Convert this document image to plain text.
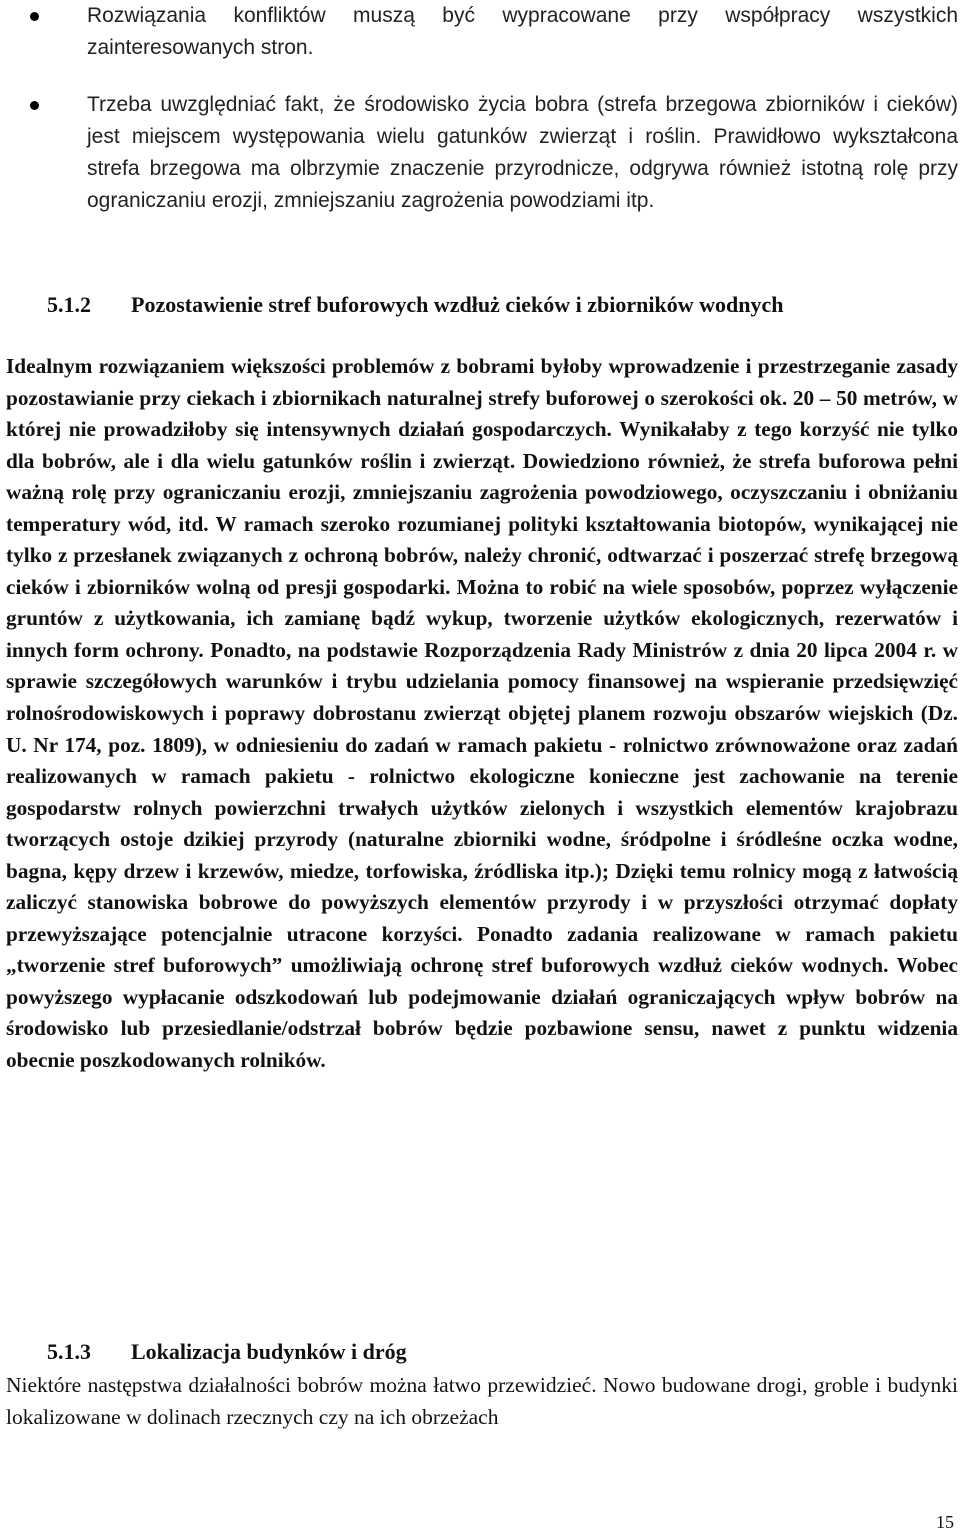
Rozwiązania konfliktów muszą być wypracowane przy współpracy wszystkich zainteresowanych stron.
Trzeba uwzględniać fakt, że środowisko życia bobra (strefa brzegowa zbiorników i cieków) jest miejscem występowania wielu gatunków zwierząt i roślin. Prawidłowo wykształcona strefa brzegowa ma olbrzymie znaczenie przyrodnicze, odgrywa również istotną rolę przy ograniczaniu erozji, zmniejszaniu zagrożenia powodziami itp.
5.1.2 Pozostawienie stref buforowych wzdłuż cieków i zbiorników wodnych

Idealnym rozwiązaniem większości problemów z bobrami byłoby wprowadzenie i przestrzeganie zasady pozostawianie przy ciekach i zbiornikach naturalnej strefy buforowej o szerokości ok. 20 – 50 metrów, w której nie prowadziłoby się intensywnych działań gospodarczych. Wynikałaby z tego korzyść nie tylko dla bobrów, ale i dla wielu gatunków roślin i zwierząt. Dowiedziono również, że strefa buforowa pełni ważną rolę przy ograniczaniu erozji, zmniejszaniu zagrożenia powodziowego, oczyszczaniu i obniżaniu temperatury wód, itd. W ramach szeroko rozumianej polityki kształtowania biotopów, wynikającej nie tylko z przesłanek związanych z ochroną bobrów, należy chronić, odtwarzać i poszerzać strefę brzegową cieków i zbiorników wolną od presji gospodarki. Można to robić na wiele sposobów, poprzez wyłączenie gruntów z użytkowania, ich zamianę bądź wykup, tworzenie użytków ekologicznych, rezerwatów i innych form ochrony. Ponadto, na podstawie Rozporządzenia Rady Ministrów z dnia 20 lipca 2004 r. w sprawie szczegółowych warunków i trybu udzielania pomocy finansowej na wspieranie przedsięwzięć rolnośrodowiskowych i poprawy dobrostanu zwierząt objętej planem rozwoju obszarów wiejskich (Dz. U. Nr 174, poz. 1809), w odniesieniu do zadań w ramach pakietu - rolnictwo zrównoważone oraz zadań realizowanych w ramach pakietu - rolnictwo ekologiczne konieczne jest zachowanie na terenie gospodarstw rolnych powierzchni trwałych użytków zielonych i wszystkich elementów krajobrazu tworzących ostoje dzikiej przyrody (naturalne zbiorniki wodne, śródpolne i śródleśne oczka wodne, bagna, kępy drzew i krzewów, miedze, torfowiska, źródliska itp.); Dzięki temu rolnicy mogą z łatwością zaliczyć stanowiska bobrowe do powyższych elementów przyrody i w przyszłości otrzymać dopłaty przewyższające potencjalnie utracone korzyści. Ponadto zadania realizowane w ramach pakietu „tworzenie stref buforowych” umożliwiają ochronę stref buforowych wzdłuż cieków wodnych. Wobec powyższego wypłacanie odszkodowań lub podejmowanie działań ograniczających wpływ bobrów na środowisko lub przesiedlanie/odstrzał bobrów będzie pozbawione sensu, nawet z punktu widzenia obecnie poszkodowanych rolników.

5.1.3 Lokalizacja budynków i dróg

Niektóre następstwa działalności bobrów można łatwo przewidzieć. Nowo budowane drogi, groble i budynki lokalizowane w dolinach rzecznych czy na ich obrzeżach

15
